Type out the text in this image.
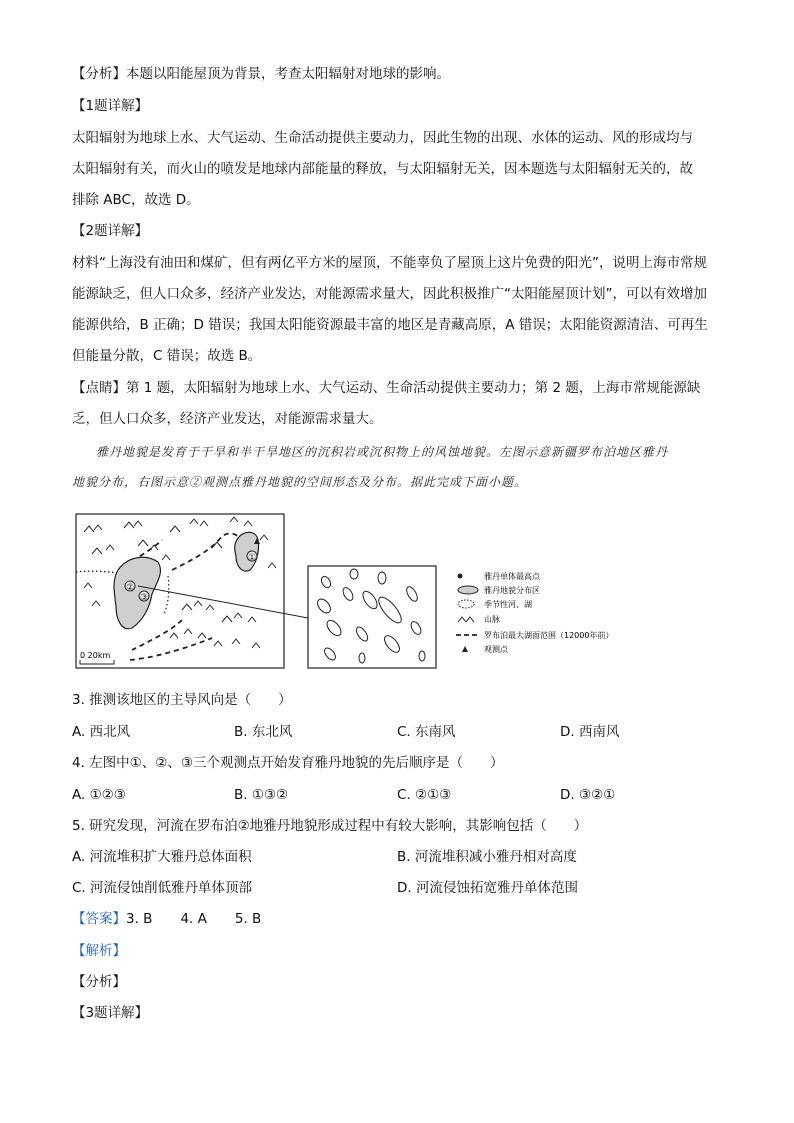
【分析】本题以阳能屋顶为背景，考查太阳辐射对地球的影响。
【1题详解】
太阳辐射为地球上水、大气运动、生命活动提供主要动力，因此生物的出现、水体的运动、风的形成均与
太阳辐射有关，而火山的喷发是地球内部能量的释放，与太阳辐射无关，因本题选与太阳辐射无关的，故
排除 ABC，故选 D。
【2题详解】
材料“上海没有油田和煤矿，但有两亿平方米的屋顶，不能辜负了屋顶上这片免费的阳光”，说明上海市常规
能源缺乏，但人口众多，经济产业发达，对能源需求量大，因此积极推广“太阳能屋顶计划”，可以有效增加
能源供给，B 正确；D 错误；我国太阳能资源最丰富的地区是青藏高原，A 错误；太阳能资源清洁、可再生
但能量分散，C 错误；故选 B。
【点睛】第 1 题，太阳辐射为地球上水、大气运动、生命活动提供主要动力；第 2 题，上海市常规能源缺
乏，但人口众多，经济产业发达，对能源需求量大。
雅丹地貌是发育于干旱和半干旱地区的沉积岩或沉积物上的风蚀地貌。左图示意新疆罗布泊地区雅丹
地貌分布，右图示意②观测点雅丹地貌的空间形态及分布。据此完成下面小题。
①
②
③
0 20km
雅丹单体最高点
雅丹地貌分布区
季节性河、湖
山脉
罗布泊最大湖面范围（12000年前）
观测点
3. 推测该地区的主导风向是（　　）
A. 西北风	B. 东北风	C. 东南风	D. 西南风
4. 左图中①、②、③三个观测点开始发育雅丹地貌的先后顺序是（　　）
A. ①②③	B. ①③②	C. ②①③	D. ③②①
5. 研究发现，河流在罗布泊②地雅丹地貌形成过程中有较大影响，其影响包括（　　）
A. 河流堆积扩大雅丹总体面积	B. 河流堆积减小雅丹相对高度
C. 河流侵蚀削低雅丹单体顶部	D. 河流侵蚀拓宽雅丹单体范围
【答案】3. B 4. A 5. B
【解析】
【分析】
【3题详解】
